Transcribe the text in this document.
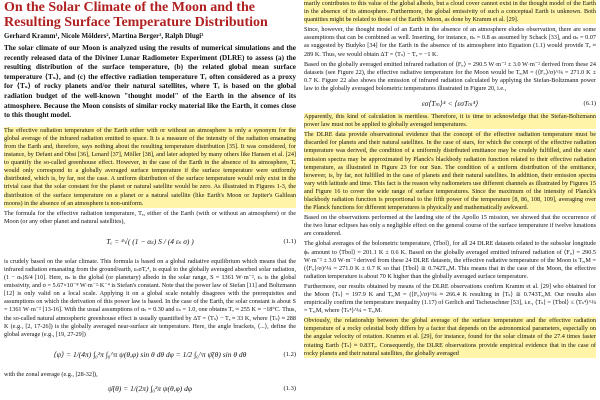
On the Solar Climate of the Moon and the Resulting Surface Temperature Distribution
Gerhard Kramm¹, Nicole Mölders², Martina Berger², Ralph Dlugi³
The solar climate of our Moon is analyzed using the results of numerical simulations and the recently released data of the Diviner Lunar Radiometer Experiment (DLRE) to assess (a) the resulting distribution of the surface temperature, (b) the related global mean surface temperature ⟨Tₛ⟩, and (c) the effective radiation temperature Tₑ often considered as a proxy for ⟨Tₛ⟩ of rocky planets and/or their natural satellites, where Tₑ is based on the global radiation budget of the well-known "thought model" of the Earth in the absence of its atmosphere. Because the Moon consists of similar rocky material like the Earth, it comes close to this thought model.
The effective radiation temperature of the Earth either with or without an atmosphere is only a synonym for the global average of the infrared radiation emitted to space. It is a measure of the intensity of the radiation emanating from the Earth and, therefore, says nothing about the resulting temperature distribution [35]. It was considered, for instance, by Defant and Obst [36], Lenard [37], Möller [38], and later adopted by many others like Hansen et al. [24] to quantify the so-called greenhouse effect. However, in the case of the Earth in the absence of its atmosphere, Tₑ would only correspond to a globally averaged surface temperature if the surface temperature were uniformly distributed, which is, by far, not the case. A uniform distribution of the surface temperature would only exist in the trivial case that the solar constant for the planet or natural satellite would be zero. As illustrated in Figures 1-3, the distribution of the surface temperature on a planet or a natural satellite (like Earth's Moon or Jupiter's Galilean moons) in the absence of an atmosphere is non-uniform.
The formula for the effective radiation temperature, Tₑ, either of the Earth (with or without an atmosphere) or the Moon (or any other planet and natural satellites),
Tₑ = ⁴√( (1 − αₛ) S / (4 εₛ σ) )	(1.1)
is crudely based on the solar climate. This formula is based on a global radiative equilibrium which means that the infrared radiation emanating from the ground/earth, εₛσTₑ⁴, is equal to the globally averaged absorbed solar radiation, (1 − αₛ)S/4 [10]. Here, αₛ is the global (or planetary) albedo in the solar range, S = 1361 W·m⁻², εₛ is the global emissivity, and σ = 5.67×10⁻⁸ W·m⁻²·K⁻⁴ is Stefan's constant. Note that the power law of Stefan [11] and Boltzmann [12] is only valid on a local scale. Applying it on a global scale notably disagrees with the prerequisites and assumptions on which the derivation of this power law is based. In the case of the Earth, the solar constant is about S = 1361 W·m⁻² [13-16]. With the usual assumptions of αₛ = 0.30 and εₛ = 1.0, one obtains Tₑ ≈ 255 K ≈ −18°C. Thus, the so-called natural atmospheric greenhouse effect is usually quantified by ΔT = ⟨Tₛ⟩ − Tₑ ≈ 33 K, where ⟨Tₛ⟩ ≈ 288 K (e.g., [2, 17-26]) is the globally averaged near-surface air temperature. Here, the angle brackets, ⟨...⟩, define the global average (e.g., [19, 27-29])
⟨ψ⟩ = 1/(4π) ∫₀²π ∫₀^π ψ(θ,φ) sin θ dθ dφ = 1/2 ∫₀^π ψ̄(θ) sin θ dθ	(1.2)
with the zonal average (e.g., [28-32]),
ψ̄(θ) = 1/(2π) ∫₀²π ψ(θ,φ) dφ	(1.3)
marily contributes to this value of the global albedo, but a cloud cover cannot exist in the thought model of the Earth in the absence of its atmosphere. Furthermore, the global emissivity of such a conceptual Earth is unknown. Both quantities might be related to those of the Earth's Moon, as done by Kramm et al. [29].
Since, however, the thought model of an Earth in the absence of an atmosphere eludes observation, there are some assumptions that can be combined as well. Inserting, for instance, αₛ = 0.8 as assumed by Schack [33], and αₛ = 0.07 as suggested by Budyko [34] for the Earth in the absence of its atmosphere into Equation (1.1) would provide Tₑ ≈ 289 K. Thus, we would obtain ΔT = ⟨Tₛ⟩ − Tₑ = −1 K.
Based on the globally averaged emitted infrared radiation of ⟨Fᵢᵣ⟩ = 290.5 W·m⁻² ± 3.0 W·m⁻² derived from these 24 datasets (see Figure 22), the effective radiative temperature for the Moon would be Tₑ,M = (⟨Fᵢᵣ⟩/σ)^¼ = 271.0 K ± 0.7 K. Figure 22 also shows the emission of infrared radiation calculated by applying the Stefan-Boltzmann power law to the globally averaged bolometric temperatures illustrated in Figure 20, i.e.,
εσ⟨Tₘ⟩⁴ < ⟨εσTₘ⁴⟩	(6.1)
Apparently, this kind of calculation is meritless. Therefore, it is time to acknowledge that the Stefan-Boltzmann power law must not be applied to globally averaged temperatures.
The DLRE data provide observational evidence that the concept of the effective radiation temperature must be discarded for planets and their natural satellites. In the case of stars, for which the concept of the effective radiation temperature was derived, the condition of a uniformly distributed emittance may be crudely fulfilled, and the stars' emission spectra may be approximated by Planck's blackbody radiation function related to their effective radiation temperature, as illustrated in Figure 23 for our Sun. The condition of a uniform distribution of the emittance, however, is, by far, not fulfilled in the case of planets and their natural satellites. In addition, their emission spectra vary with latitude and time. This fact is the reason why radiometers use different channels as illustrated by Figures 15 and Figure 16 to cover the wide range of surface temperatures. Since the maximum of the intensity of Planck's blackbody radiation function is proportional to the fifth power of the temperature [8, 86, 108, 109], averaging over the Planck functions for different temperatures is physically and mathematically awkward.
Based on the observations performed at the landing site of the Apollo 15 mission, we showed that the occurrence of the two lunar eclipses has only a negligible effect on the general course of the surface temperature if twelve lunations are considered.
The global averages of the bolometric temperature, ⟨Tbol⟩, for all 24 DLRE datasets related to the subsolar longitude ϕₛ amount to ⟨Tbol⟩ = 201.1 K ± 0.6 K. Based on the globally averaged emitted infrared radiation of ⟨Fᵢᵣ⟩ = 290.5 W·m⁻² ± 3.0 W·m⁻² derived from these 24 DLRE datasets, the effective radiative temperature of the Moon is Tₑ,M = (⟨Fᵢᵣ⟩/σ)^¼ = 271.0 K ± 0.7 K so that ⟨Tbol⟩ ≅ 0.742Tₑ,M. This means that in the case of the Moon, the effective radiation temperature is about 70 K higher than the globally averaged surface temperature.
Furthermore, our results obtained by means of the DLRE observations confirm Kramm et al. [29] who obtained for the Moon ⟨Tₛ⟩ = 197.9 K and Tₑ,M = (⟨Fᵢᵣ⟩/σ)^¼ ≈ 266.4 K resulting in ⟨Tₛ⟩ ≅ 0.743Tₑ,M. Our results also empirically confirm the temperature inequality (1.17) of Gerlich and Tscheuschner [53], i.e., ⟨Tₛ⟩ = ⟨Tbol⟩ ≤ ⟨Tₛ⁴⟩^¼ = Tₑ,M, where ⟨Tₛ⁴⟩^¼ = Tₑ,M.
Obviously, the relationship between the global average of the surface temperature and the effective radiation temperature of a rocky celestial body differs by a factor that depends on the astronomical parameters, especially on the angular velocity of rotation. Kramm et al. [29], for instance, found for the solar climate of the 27.4 times faster rotating Earth ⟨Tₛ⟩ ≈ 0.83Tₑ. Consequently, the DLRE observations provide empirical evidence that in the case of rocky planets and their natural satellites, the globally averaged
